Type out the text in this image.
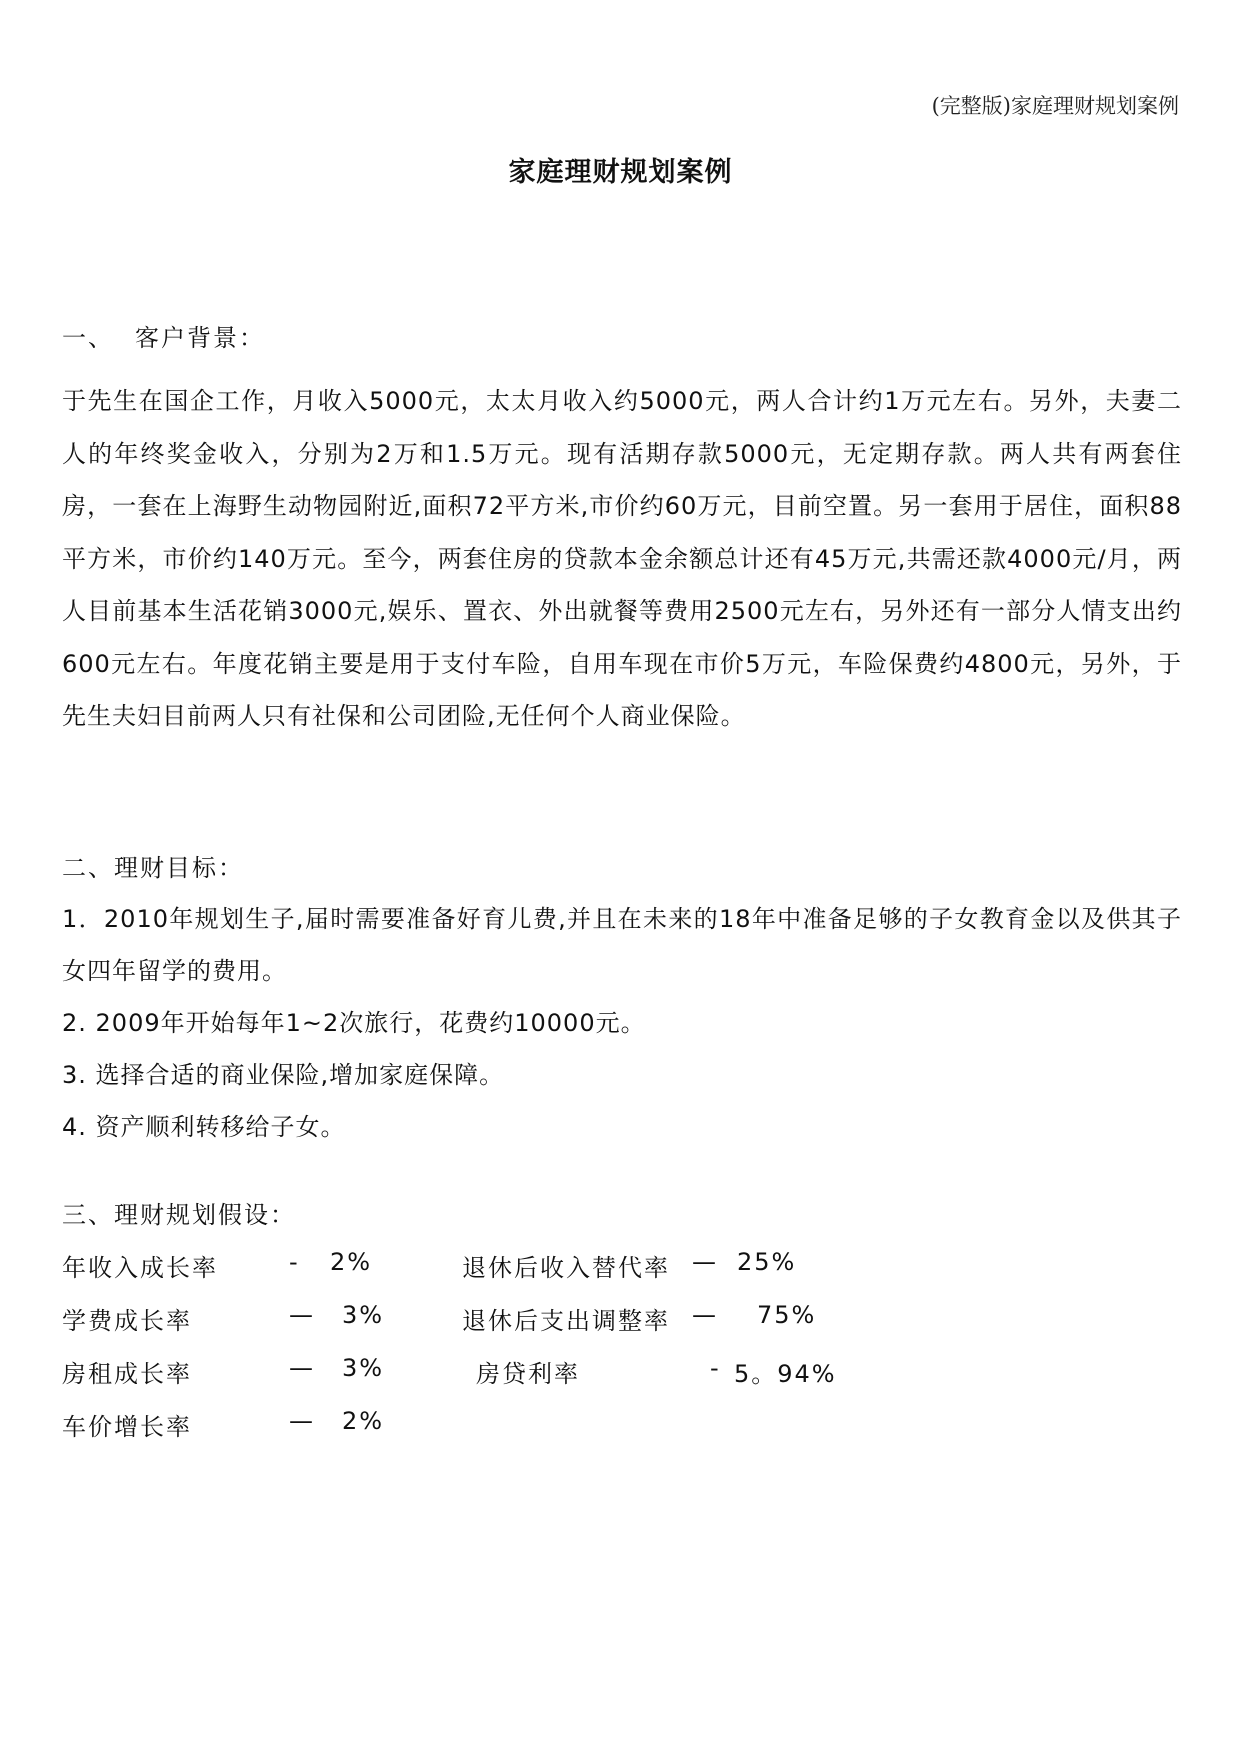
(完整版)家庭理财规划案例
家庭理财规划案例
一、 客户背景：
于先生在国企工作，月收入5000元，太太月收入约5000元，两人合计约1万元左右。另外，夫妻二人的年终奖金收入，分别为2万和1.5万元。现有活期存款5000元，无定期存款。两人共有两套住房，一套在上海野生动物园附近,面积72平方米,市价约60万元，目前空置。另一套用于居住，面积88平方米，市价约140万元。至今，两套住房的贷款本金余额总计还有45万元,共需还款4000元/月，两人目前基本生活花销3000元,娱乐、置衣、外出就餐等费用2500元左右，另外还有一部分人情支出约600元左右。年度花销主要是用于支付车险，自用车现在市价5万元，车险保费约4800元，另外，于先生夫妇目前两人只有社保和公司团险,无任何个人商业保险。
二、理财目标：
1．2010年规划生子,届时需要准备好育儿费,并且在未来的18年中准备足够的子女教育金以及供其子女四年留学的费用。
2. 2009年开始每年1~2次旅行，花费约10000元。
3. 选择合适的商业保险,增加家庭保障。
4. 资产顺利转移给子女。
三、理财规划假设：
年收入成长率	- 2%	退休后收入替代率 — 25%
学费成长率	— 3%	退休后支出调整率 — 75%
房租成长率	— 3%	房贷利率	- 5。94%
车价增长率	— 2%
